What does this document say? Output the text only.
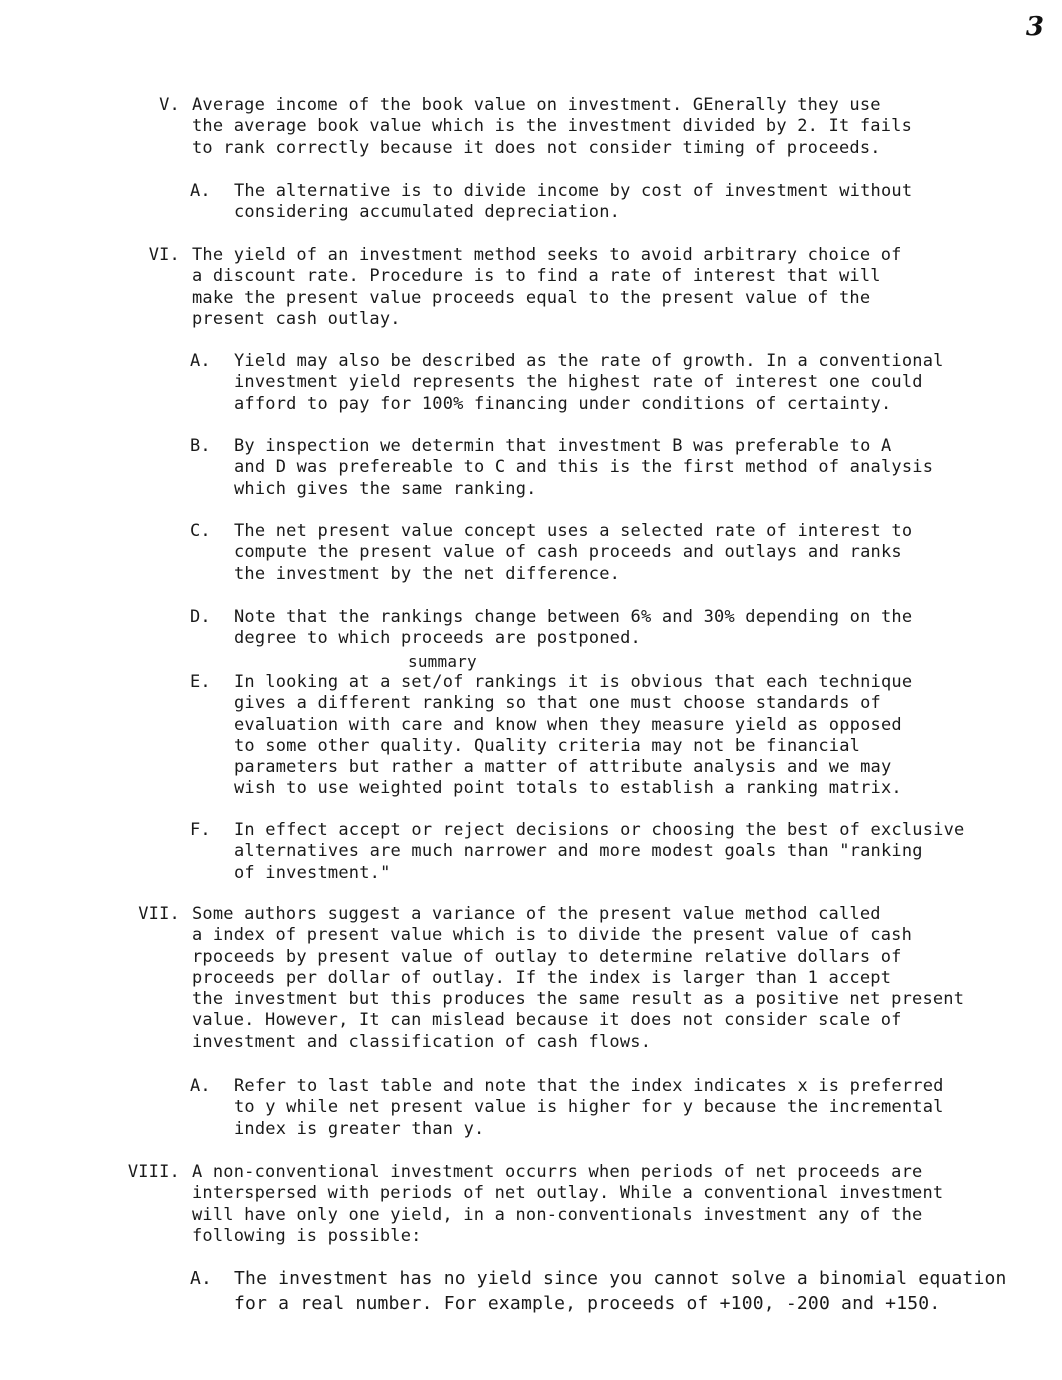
3
V. Average income of the book value on investment. GEnerally they use
the average book value which is the investment divided by 2. It fails
to rank correctly because it does not consider timing of proceeds.
A. The alternative is to divide income by cost of investment without
considering accumulated depreciation.
VI. The yield of an investment method seeks to avoid arbitrary choice of
a discount rate. Procedure is to find a rate of interest that will
make the present value proceeds equal to the present value of the
present cash outlay.
A. Yield may also be described as the rate of growth. In a conventional
investment yield represents the highest rate of interest one could
afford to pay for 100% financing under conditions of certainty.
B. By inspection we determin that investment B was preferable to A
and D was prefereable to C and this is the first method of analysis
which gives the same ranking.
C. The net present value concept uses a selected rate of interest to
compute the present value of cash proceeds and outlays and ranks
the investment by the net difference.
D. Note that the rankings change between 6% and 30% depending on the
degree to which proceeds are postponed.
summary
E. In looking at a set/of rankings it is obvious that each technique
gives a different ranking so that one must choose standards of
evaluation with care and know when they measure yield as opposed
to some other quality. Quality criteria may not be financial
parameters but rather a matter of attribute analysis and we may
wish to use weighted point totals to establish a ranking matrix.
F. In effect accept or reject decisions or choosing the best of exclusive
alternatives are much narrower and more modest goals than "ranking
of investment."
VII. Some authors suggest a variance of the present value method called
a index of present value which is to divide the present value of cash
rpoceeds by present value of outlay to determine relative dollars of
proceeds per dollar of outlay. If the index is larger than 1 accept
the investment but this produces the same result as a positive net present
value. However, It can mislead because it does not consider scale of
investment and classification of cash flows.
A. Refer to last table and note that the index indicates x is preferred
to y while net present value is higher for y because the incremental
index is greater than y.
VIII. A non-conventional investment occurrs when periods of net proceeds are
interspersed with periods of net outlay. While a conventional investment
will have only one yield, in a non-conventionals investment any of the
following is possible:
A. The investment has no yield since you cannot solve a binomial equation
for a real number. For example, proceeds of +100, -200 and +150.
